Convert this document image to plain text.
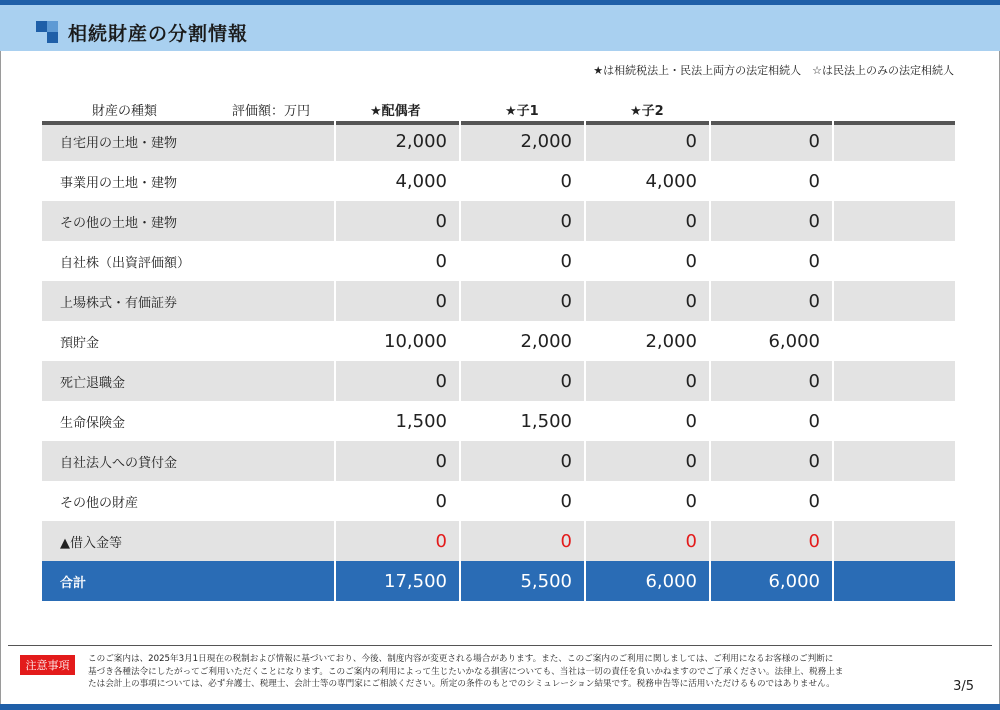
相続財産の分割情報
★は相続税法上・民法上両方の法定相続人　☆は民法上のみの法定相続人
財産の種類	評価額：万円	★配偶者	★子1	★子2
自宅用の土地・建物	2,000	2,000	0	0
事業用の土地・建物	4,000	0	4,000	0
その他の土地・建物	0	0	0	0
自社株（出資評価額）	0	0	0	0
上場株式・有価証券	0	0	0	0
預貯金	10,000	2,000	2,000	6,000
死亡退職金	0	0	0	0
生命保険金	1,500	1,500	0	0
自社法人への貸付金	0	0	0	0
その他の財産	0	0	0	0
▲借入金等	0	0	0	0
合計	17,500	5,500	6,000	6,000
注意事項	このご案内は、2025年3月1日現在の税制および情報に基づいており、今後、制度内容が変更される場合があります。また、このご案内のご利用に関しましては、ご利用になるお客様のご判断に
基づき各種法令にしたがってご利用いただくことになります。このご案内の利用によって生じたいかなる損害についても、当社は一切の責任を負いかねますのでご了承ください。法律上、税務上ま
たは会計上の事項については、必ず弁護士、税理士、会計士等の専門家にご相談ください。所定の条件のもとでのシミュレーション結果です。税務申告等に活用いただけるものではありません。	3/5
